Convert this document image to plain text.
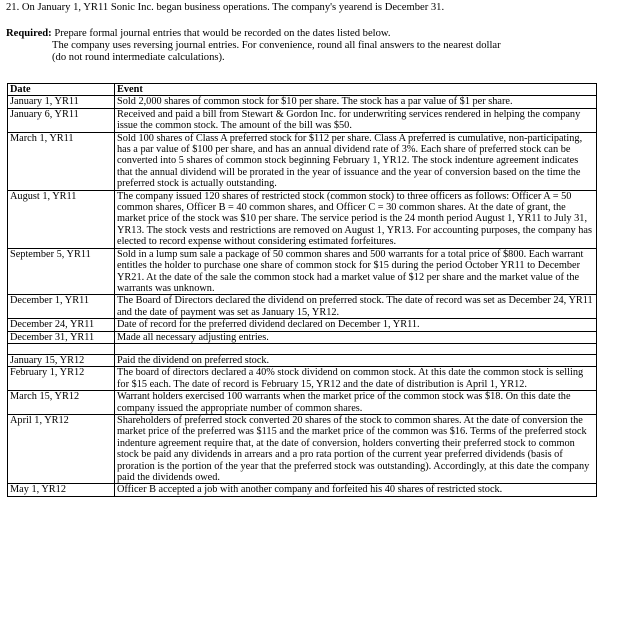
21. On January 1, YR11 Sonic Inc. began business operations. The company's yearend is December 31.
Required: Prepare formal journal entries that would be recorded on the dates listed below.
The company uses reversing journal entries. For convenience, round all final answers to the nearest dollar
(do not round intermediate calculations).
Date	Event
January 1, YR11	Sold 2,000 shares of common stock for $10 per share. The stock has a par value of $1 per share.
January 6, YR11	Received and paid a bill from Stewart & Gordon Inc. for underwriting services rendered in helping the company issue the common stock. The amount of the bill was $50.
March 1, YR11	Sold 100 shares of Class A preferred stock for $112 per share. Class A preferred is cumulative, non-participating, has a par value of $100 per share, and has an annual dividend rate of 3%. Each share of preferred stock can be converted into 5 shares of common stock beginning February 1, YR12. The stock indenture agreement indicates that the annual dividend will be prorated in the year of issuance and the year of conversion based on the time the preferred stock is actually outstanding.
August 1, YR11	The company issued 120 shares of restricted stock (common stock) to three officers as follows: Officer A = 50 common shares, Officer B = 40 common shares, and Officer C = 30 common shares. At the date of grant, the market price of the stock was $10 per share. The service period is the 24 month period August 1, YR11 to July 31, YR13. The stock vests and restrictions are removed on August 1, YR13. For accounting purposes, the company has elected to record expense without considering estimated forfeitures.
September 5, YR11	Sold in a lump sum sale a package of 50 common shares and 500 warrants for a total price of $800. Each warrant entitles the holder to purchase one share of common stock for $15 during the period October YR11 to December YR21. At the date of the sale the common stock had a market value of $12 per share and the market value of the warrants was unknown.
December 1, YR11	The Board of Directors declared the dividend on preferred stock. The date of record was set as December 24, YR11 and the date of payment was set as January 15, YR12.
December 24, YR11	Date of record for the preferred dividend declared on December 1, YR11.
December 31, YR11	Made all necessary adjusting entries.

January 15, YR12	Paid the dividend on preferred stock.
February 1, YR12	The board of directors declared a 40% stock dividend on common stock. At this date the common stock is selling for $15 each. The date of record is February 15, YR12 and the date of distribution is April 1, YR12.
March 15, YR12	Warrant holders exercised 100 warrants when the market price of the common stock was $18. On this date the company issued the appropriate number of common shares.
April 1, YR12	Shareholders of preferred stock converted 20 shares of the stock to common shares. At the date of conversion the market price of the preferred was $115 and the market price of the common was $16. Terms of the preferred stock indenture agreement require that, at the date of conversion, holders converting their preferred stock to common stock be paid any dividends in arrears and a pro rata portion of the current year preferred dividends (basis of proration is the portion of the year that the preferred stock was outstanding). Accordingly, at this date the company paid the dividends owed.
May 1, YR12	Officer B accepted a job with another company and forfeited his 40 shares of restricted stock.
